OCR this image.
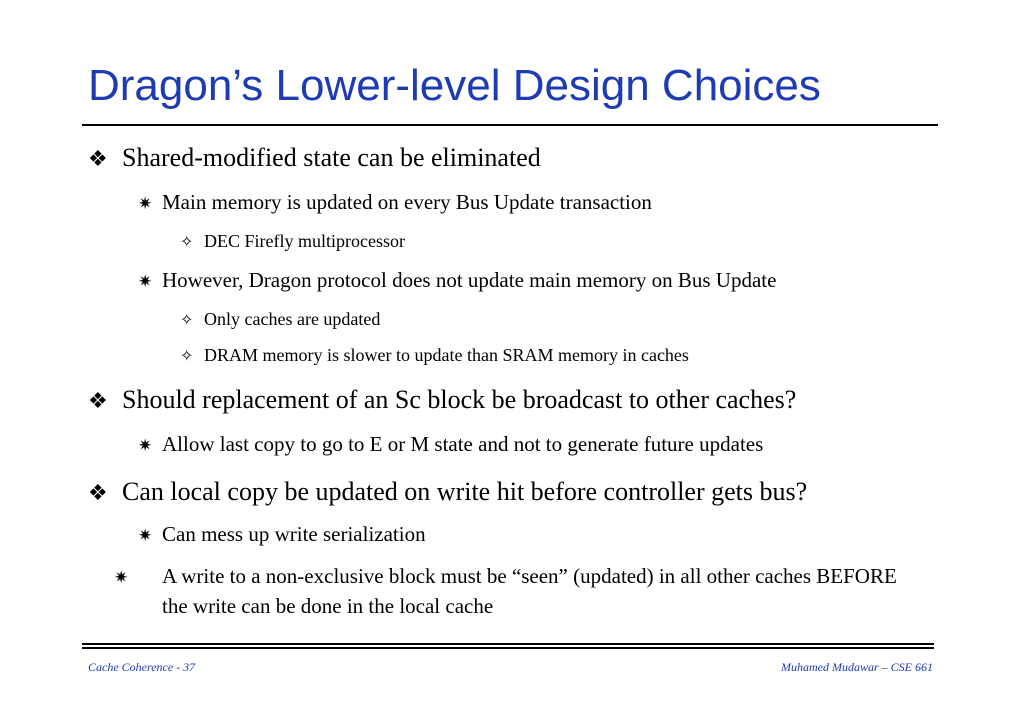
Dragon’s Lower-level Design Choices
❖ Shared-modified state can be eliminated
✷ Main memory is updated on every Bus Update transaction
✧ DEC Firefly multiprocessor
✷ However, Dragon protocol does not update main memory on Bus Update
✧ Only caches are updated
✧ DRAM memory is slower to update than SRAM memory in caches
❖ Should replacement of an Sc block be broadcast to other caches?
✷ Allow last copy to go to E or M state and not to generate future updates
❖ Can local copy be updated on write hit before controller gets bus?
✷ Can mess up write serialization
✷ A write to a non-exclusive block must be “seen” (updated) in all other caches BEFORE the write can be done in the local cache
Cache Coherence - 37	Muhamed Mudawar – CSE 661
